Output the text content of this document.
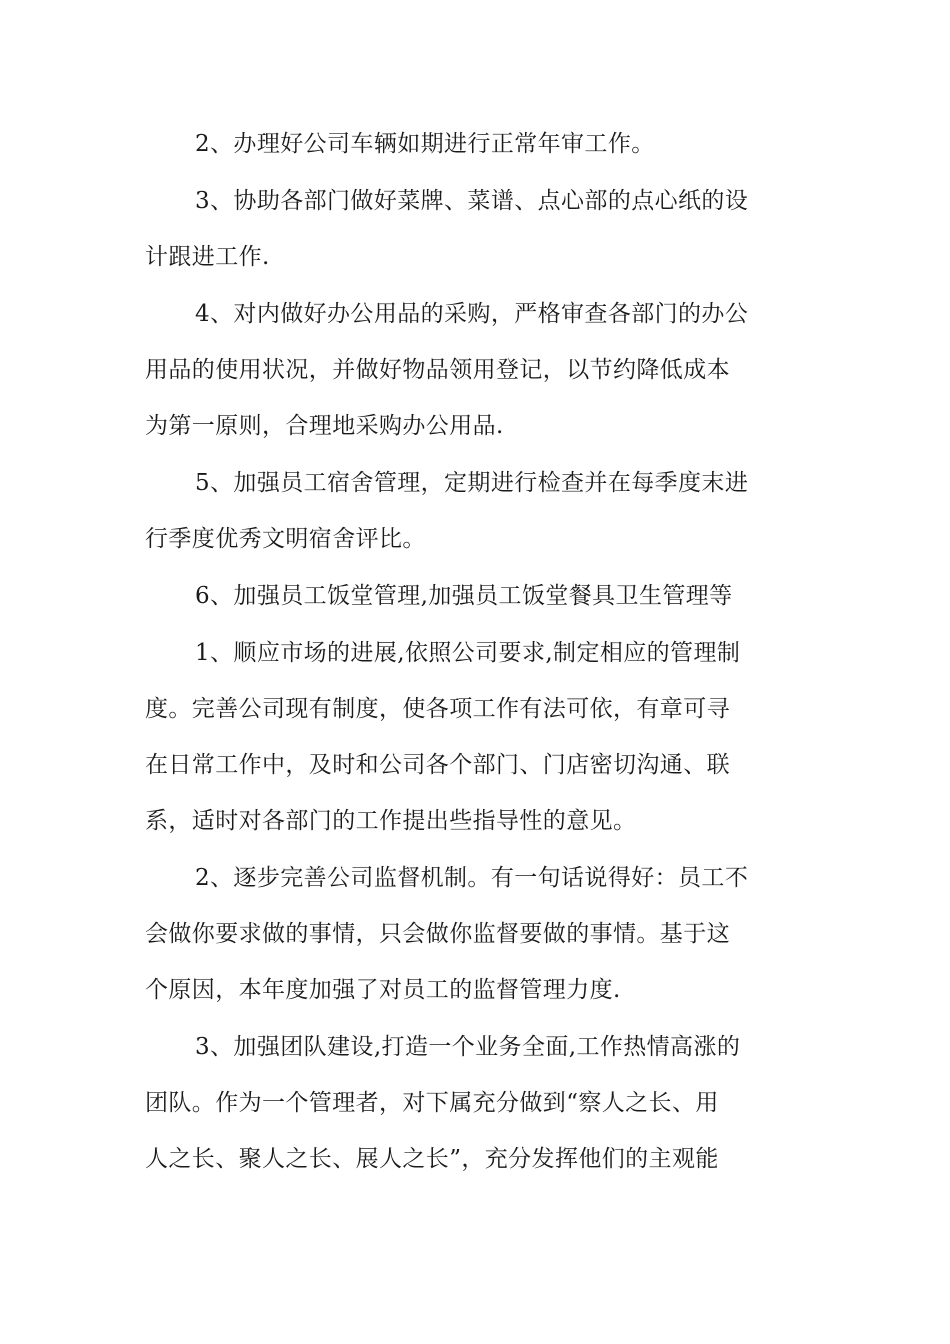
2、办理好公司车辆如期进行正常年审工作。
3、协助各部门做好菜牌、菜谱、点心部的点心纸的设
计跟进工作.
4、对内做好办公用品的采购，严格审查各部门的办公
用品的使用状况，并做好物品领用登记，以节约降低成本
为第一原则，合理地采购办公用品.
5、加强员工宿舍管理，定期进行检查并在每季度末进
行季度优秀文明宿舍评比。
6、加强员工饭堂管理,加强员工饭堂餐具卫生管理等
1、顺应市场的进展,依照公司要求,制定相应的管理制
度。完善公司现有制度，使各项工作有法可依，有章可寻
在日常工作中，及时和公司各个部门、门店密切沟通、联
系，适时对各部门的工作提出些指导性的意见。
2、逐步完善公司监督机制。有一句话说得好：员工不
会做你要求做的事情，只会做你监督要做的事情。基于这
个原因，本年度加强了对员工的监督管理力度.
3、加强团队建设,打造一个业务全面,工作热情高涨的
团队。作为一个管理者，对下属充分做到“察人之长、用
人之长、聚人之长、展人之长”，充分发挥他们的主观能
